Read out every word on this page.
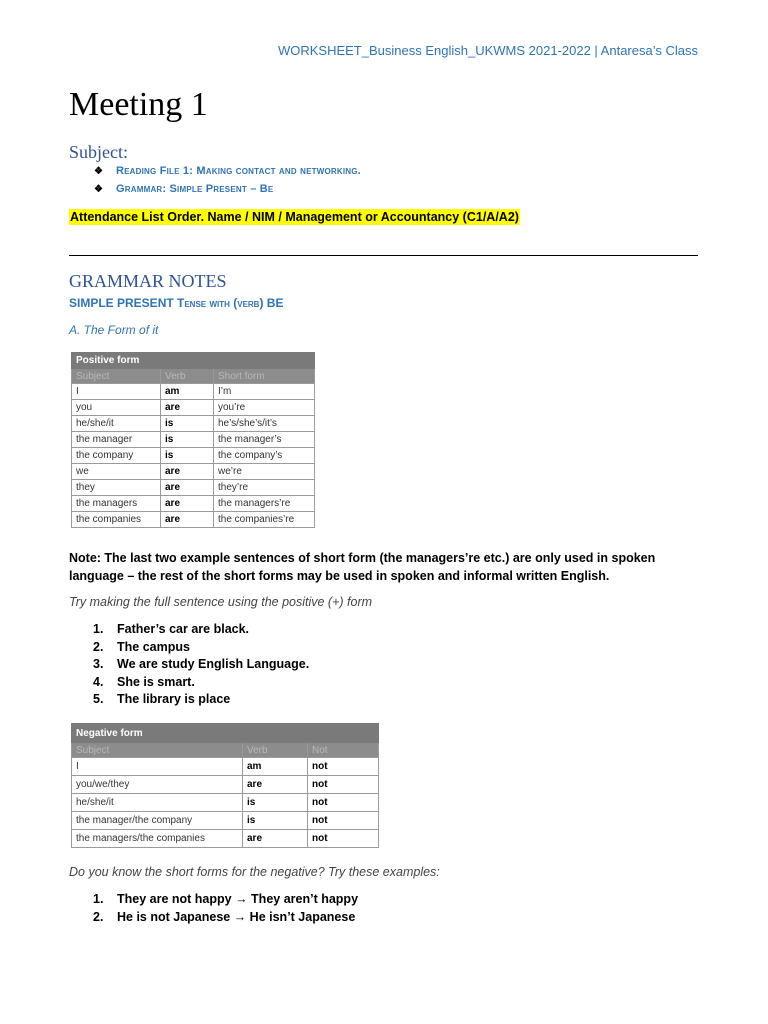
WORKSHEET_Business English_UKWMS 2021-2022 | Antaresa’s Class
Meeting 1
Subject:
❖ Reading File 1: Making contact and networking.
❖ Grammar: Simple Present – Be
Attendance List Order. Name / NIM / Management or Accountancy (C1/A/A2)
GRAMMAR NOTES
SIMPLE PRESENT Tense with (verb) BE
A. The Form of it
Positive form		
Subject	Verb	Short form
I	am	I’m
you	are	you’re
he/she/it	is	he’s/she’s/it’s
the manager	is	the manager’s
the company	is	the company’s
we	are	we’re
they	are	they’re
the managers	are	the managers’re
the companies	are	the companies’re
Note: The last two example sentences of short form (the managers’re etc.) are only used in spoken language – the rest of the short forms may be used in spoken and informal written English.
Try making the full sentence using the positive (+) form
1. Father’s car are black.
2. The campus
3. We are study English Language.
4. She is smart.
5. The library is place
Negative form		
Subject	Verb	Not
I	am	not
you/we/they	are	not
he/she/it	is	not
the manager/the company	is	not
the managers/the companies	are	not
Do you know the short forms for the negative? Try these examples:
1. They are not happy → They aren’t happy
2. He is not Japanese → He isn’t Japanese
